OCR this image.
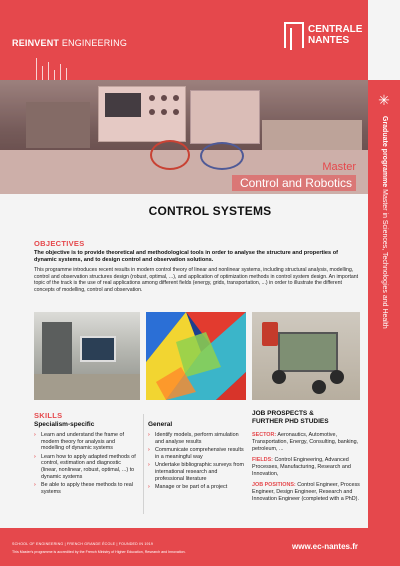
REINVENT ENGINEERING
CENTRALE
NANTES
✳
Graduate programme Master in Sciences, Technologies and Health
Master
Control and Robotics
CONTROL SYSTEMS
OBJECTIVES
The objective is to provide theoretical and methodological tools in order to analyse the structure and properties of dynamic systems, and to design control and observation solutions.
This programme introduces recent results in modern control theory of linear and nonlinear systems, including structural analysis, modelling, control and observation structures design (robust, optimal, ...), and application of optimization methods in control system design. An important topic of the track is the use of real applications among different fields (energy, grids, transportation, ...) in order to illustrate the different concepts of modelling, control and observation.
SKILLS
Specialism-specific
› Learn and understand the frame of modern theory for analysis and modelling of dynamic systems
› Learn how to apply adapted methods of control, estimation and diagnostic (linear, nonlinear, robust, optimal, ...) to dynamic systems
› Be able to apply these methods to real systems
General
› Identify models, perform simulation and analyse results
› Communicate comprehensive results in a meaningful way
› Undertake bibliographic surveys from international research and professional literature
› Manage or be part of a project
JOB PROSPECTS &
FURTHER PHD STUDIES
SECTOR: Aeronautics, Automotive, Transportation, Energy, Consulting, banking, petroleum, ...
FIELDS: Control Engineering, Advanced Processes, Manufacturing, Research and Innovation,
JOB POSITIONS: Control Engineer, Process Engineer, Design Engineer, Research and Innovation Engineer (completed with a PhD).
SCHOOL OF ENGINEERING | FRENCH GRANDE ÉCOLE | FOUNDED IN 1919
This Master's programme is accredited by the French Ministry of Higher Education, Research and Innovation.
www.ec-nantes.fr
